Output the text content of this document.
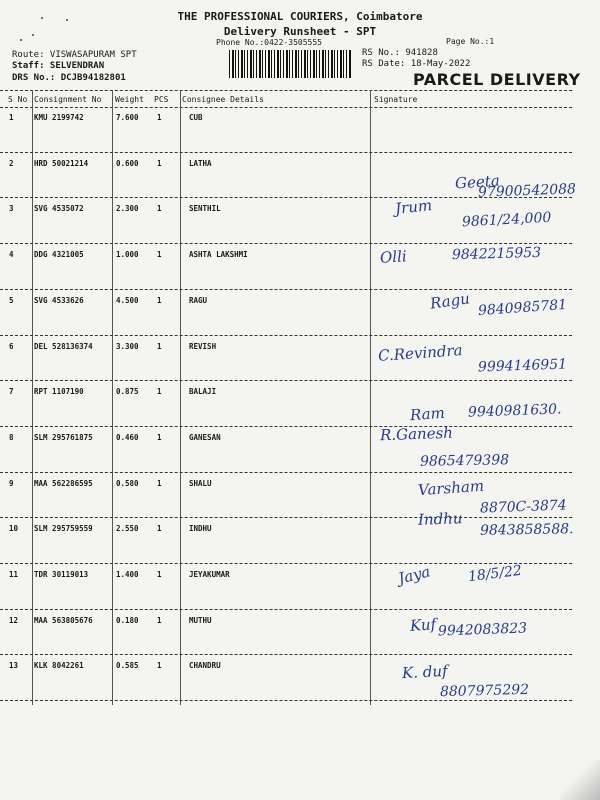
THE PROFESSIONAL COURIERS, Coimbatore
Delivery Runsheet - SPT
Phone No.:0422-3505555	Page No.:1
Route: VISWASAPURAM SPT
Staff: SELVENDRAN
DRS No.: DCJB94182801
RS No.: 941828
RS Date: 18-May-2022
PARCEL DELIVERY
S No Consignment No Weight PCS Consignee Details	Signature
1	KMU 2199742	7.600 1	CUB
2	HRD 50021214	0.600 1	LATHA
Geeta
97900542088
3	SVG 4535072	2.300 1	SENTHIL	Jrum
9861/24,000
4	DDG 4321005	1.000 1	ASHTA LAKSHMI	Olli	9842215953
5	SVG 4533626	4.500 1	RAGU	Ragu 9840985781
6	DEL 528136374	3.300 1	REVISH	C.Revindra
9994146951
7	RPT 1107190	0.875 1	BALAJI
Ram 9940981630.
8	SLM 295761875	0.460 1	GANESAN	R.Ganesh
9865479398
9	MAA 562286595	0.580 1	SHALU	Varsham
8870C-3874
10 SLM 295759559	2.550 1	INDHU	Indhu
9843858588.
11 TDR 30119013	1.400 1	JEYAKUMAR	Jaya	18/5/22
12 MAA 563805676	0.180 1	MUTHU	Kuf 9942083823
13 KLK 8042261	0.585 1	CHANDRU	K. duf
8807975292
